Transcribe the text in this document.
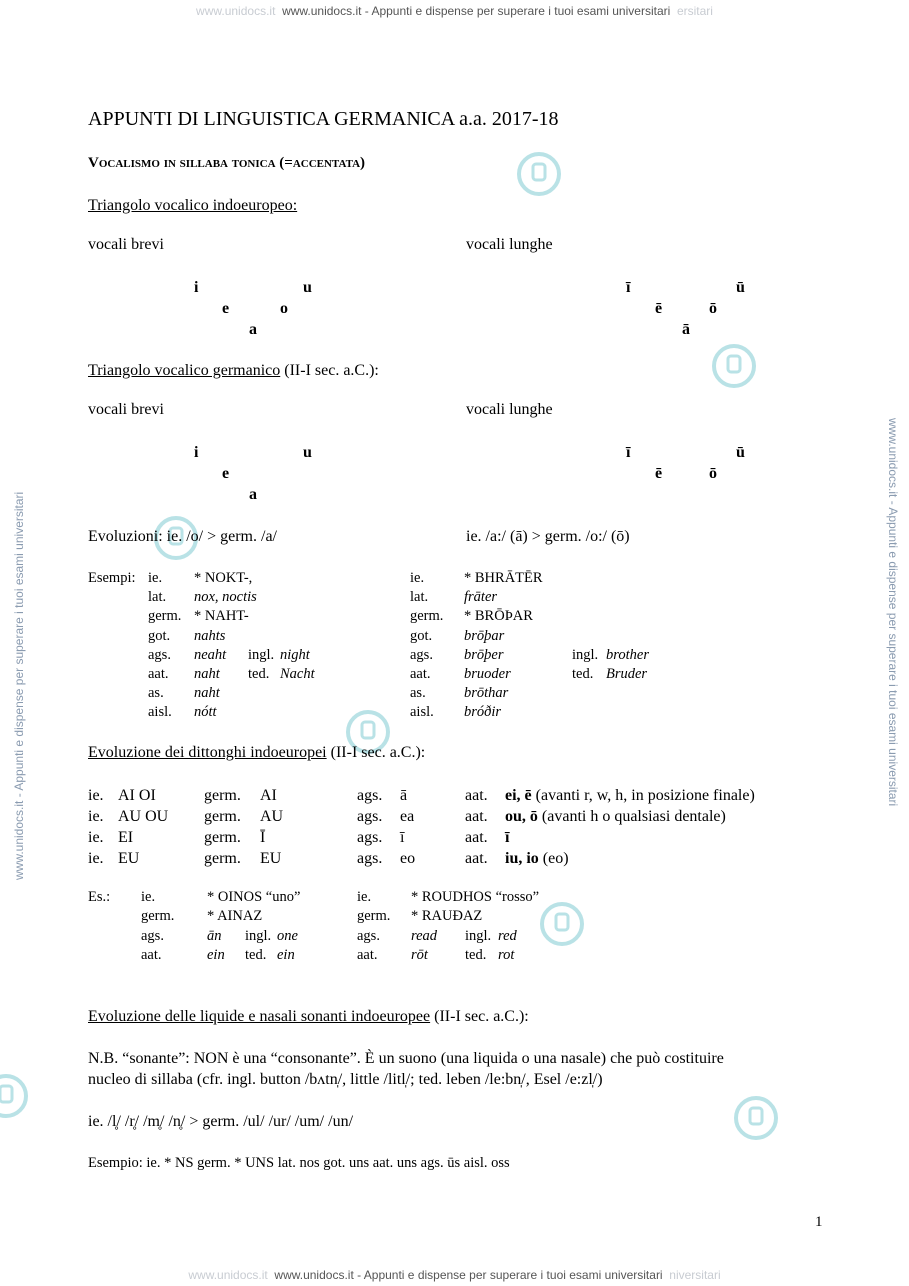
www.unidocs.it  www.unidocs.it - Appunti e dispense per superare i tuoi esami universitari  ersitari
www.unidocs.it  www.unidocs.it - Appunti e dispense per superare i tuoi esami universitari  niversitari
www.unidocs.it - Appunti e dispense per superare i tuoi esami universitari	www.unidocs.it - Appunti e dispense per superare i tuoi esami universitari
APPUNTI DI LINGUISTICA GERMANICA a.a. 2017-18
Vocalismo in sillaba tonica (=accentata)
Triangolo vocalico indoeuropeo:
vocali brevi	vocali lunghe
i	u
e	o
a
ī	ū
ē	ō
ā
Triangolo vocalico germanico (II-I sec. a.C.):
vocali brevi	vocali lunghe
i	u
e
a
ī	ū
ē	ō
Evoluzioni: ie. /o/ > germ. /a/	ie. /a:/ (ā) > germ. /o:/ (ō)
Esempi: ie. * NOKT-,
lat. nox, noctis
germ. * NAHT-
got. nahts
ags. neaht ingl. night
aat. naht ted. Nacht
as. naht
aisl. nótt
ie.	* BHRĀTĒR
lat. frāter
germ. * BRŌÞAR
got. brōþar
ags. brōþer	ingl. brother
aat. bruoder	ted. Bruder
as.	brōthar
aisl. bróðir
Evoluzione dei dittonghi indoeuropei (II-I sec. a.C.):
ie. AI OI	germ. AI	ags. ā	aat. ei, ē (avanti r, w, h, in posizione finale)
ie. AU OU germ. AU	ags. ea	aat. ou, ō (avanti h o qualsiasi dentale)
ie. EI	germ. Ī	ags. ī	aat. ī
ie. EU	germ. EU	ags. eo	aat. iu, io (eo)
Es.: ie.	* OINOS “uno”
germ. * AINAZ
ags.	ān ingl. one
aat.	ein ted. ein
ie.	* ROUDHOS “rosso”
germ. * RAUÐAZ
ags. read ingl. red
aat. rōt	ted. rot
Evoluzione delle liquide e nasali sonanti indoeuropee (II-I sec. a.C.):
N.B. “sonante”: NON è una “consonante”. È un suono (una liquida o una nasale) che può costituire
nucleo di sillaba (cfr. ingl. button /bʌtn̩/, little /litl̩/; ted. leben /le:bn̩/, Esel /e:zl̩/)
ie. /l̥/ /r̥/ /m̥/ /n̥/ > germ. /ul/ /ur/ /um/ /un/
Esempio: ie. * NS germ. * UNS lat. nos got. uns aat. uns ags. ūs aisl. oss
1
